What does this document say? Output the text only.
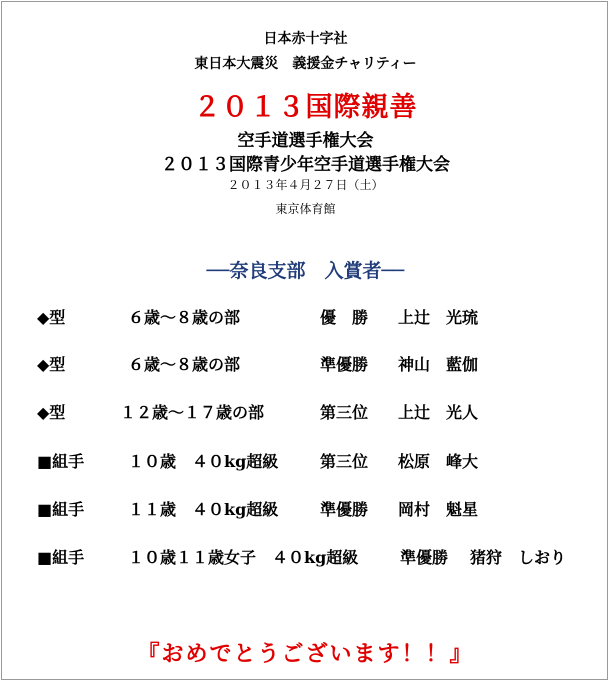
日本赤十字社
東日本大震災　義援金チャリティー
２０１３国際親善
空手道選手権大会
２０１３国際青少年空手道選手権大会
２０１３年４月２７日（土）
東京体育館
──奈良支部　入賞者──
◆型	６歳～８歳の部	優　勝 上辻　光琉
◆型	６歳～８歳の部	準優勝 神山　藍伽
◆型	１２歳～１７歳の部	第三位 上辻　光人
■組手	１０歳　４０kg超級	第三位 松原　峰大
■組手	１１歳　４０kg超級	準優勝 岡村　魁星
■組手	１０歳１１歳女子　４０kg超級	準優勝 猪狩　しおり
『おめでとうございます！！』
